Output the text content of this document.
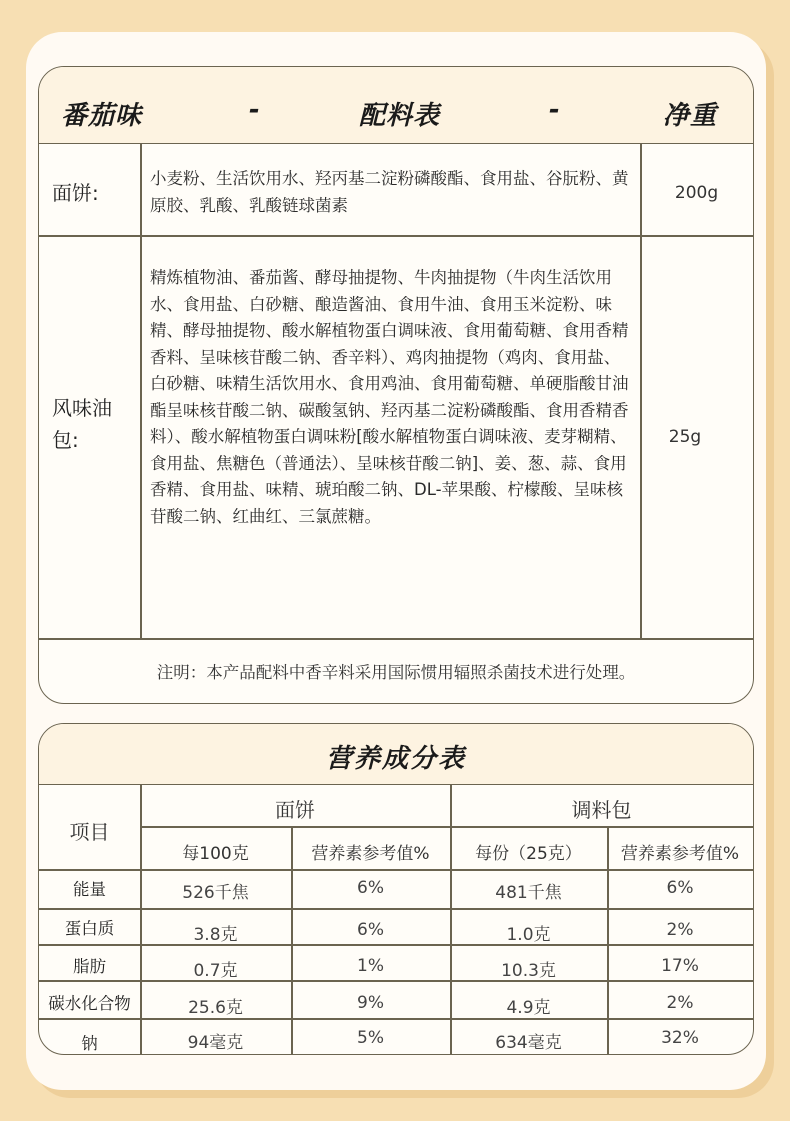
番茄味	-	配料表	-	净重
面饼:
小麦粉、生活饮用水、羟丙基二淀粉磷酸酯、食用盐、谷朊粉、黄原胶、乳酸、乳酸链球菌素
200g
风味油包:
精炼植物油、番茄酱、酵母抽提物、牛肉抽提物（牛肉生活饮用水、食用盐、白砂糖、酿造酱油、食用牛油、食用玉米淀粉、味精、酵母抽提物、酸水解植物蛋白调味液、食用葡萄糖、食用香精香料、呈味核苷酸二钠、香辛料）、鸡肉抽提物（鸡肉、食用盐、白砂糖、味精生活饮用水、食用鸡油、食用葡萄糖、单硬脂酸甘油酯呈味核苷酸二钠、碳酸氢钠、羟丙基二淀粉磷酸酯、食用香精香料）、酸水解植物蛋白调味粉[酸水解植物蛋白调味液、麦芽糊精、食用盐、焦糖色（普通法）、呈味核苷酸二钠]、姜、葱、蒜、食用香精、食用盐、味精、琥珀酸二钠、DL-苹果酸、柠檬酸、呈味核苷酸二钠、红曲红、三氯蔗糖。
25g
注明：本产品配料中香辛料采用国际惯用辐照杀菌技术进行处理。
营养成分表
项目
面饼	调料包
每100克	营养素参考值%	每份（25克）	营养素参考值%
能量	526千焦	6%	481千焦	6%
蛋白质	3.8克	6%	1.0克	2%
脂肪	0.7克	1%	10.3克	17%
碳水化合物	25.6克	9%	4.9克	2%
钠	94毫克	5%	634毫克	32%
